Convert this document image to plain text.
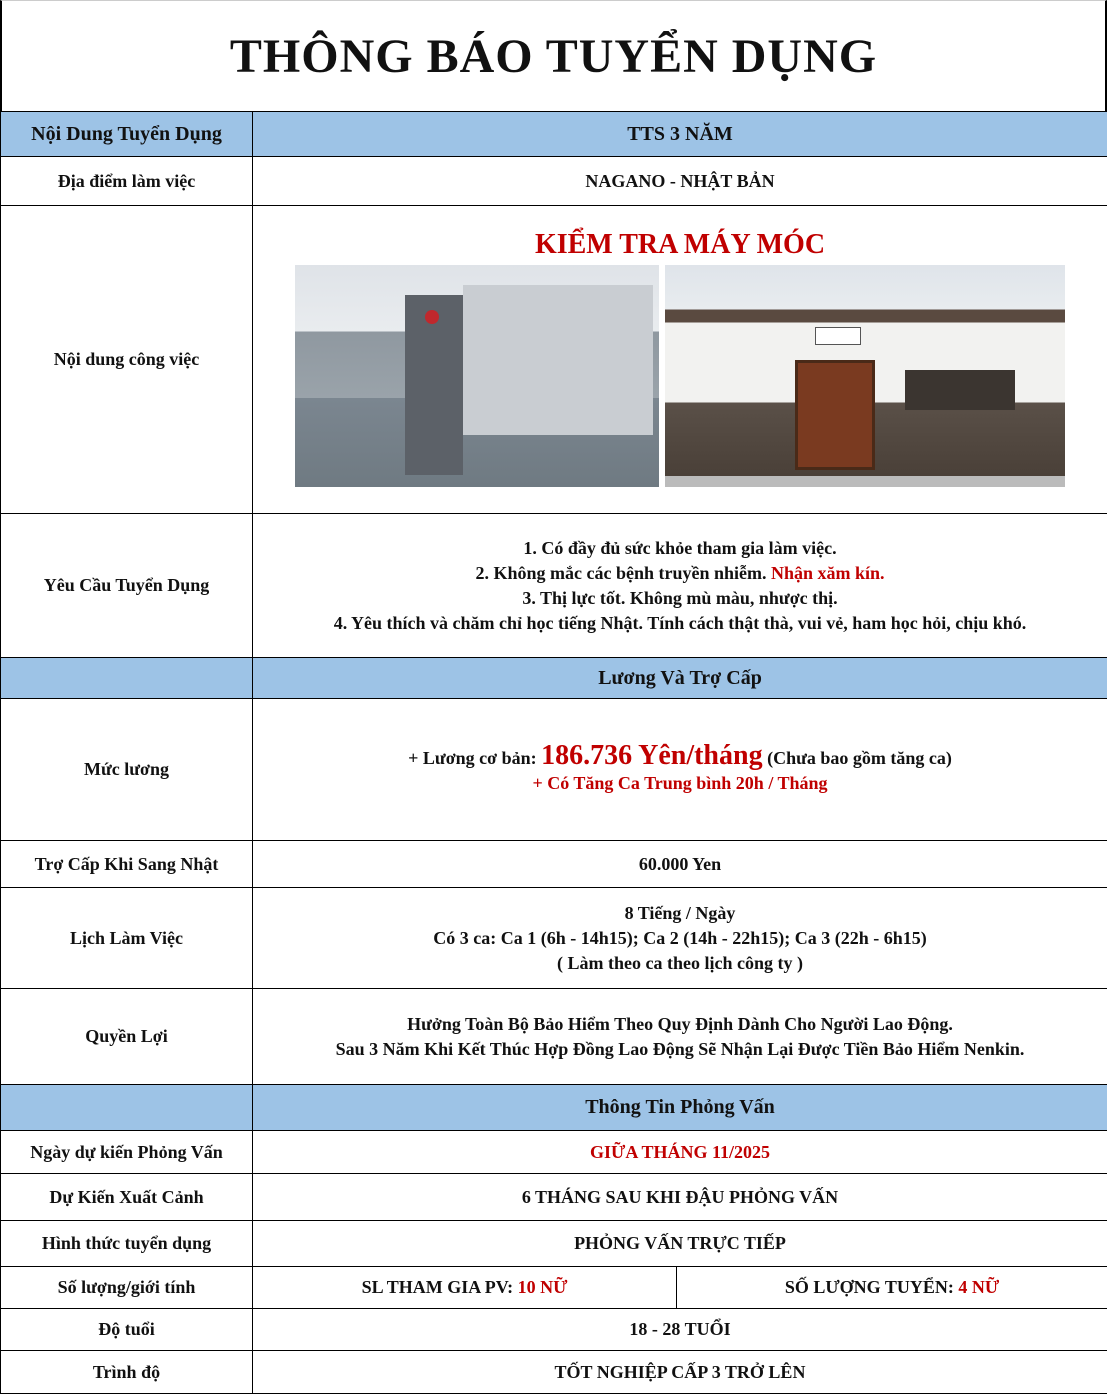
THÔNG BÁO TUYỂN DỤNG
Nội Dung Tuyển Dụng	TTS 3 NĂM	
Địa điểm làm việc	NAGANO - NHẬT BẢN	
Nội dung công việc	KIỂM TRA MÁY MÓC	

Yêu Cầu Tuyển Dụng	1. Có đầy đủ sức khỏe tham gia làm việc.
2. Không mắc các bệnh truyền nhiễm. Nhận xăm kín.
3. Thị lực tốt. Không mù màu, nhược thị.
4. Yêu thích và chăm chỉ học tiếng Nhật. Tính cách thật thà, vui vẻ, ham học hỏi, chịu khó.	

	Lương Và Trợ Cấp	
Mức lương	+ Lương cơ bản: 186.736 Yên/tháng (Chưa bao gồm tăng ca)
+ Có Tăng Ca Trung bình 20h / Tháng	

Trợ Cấp Khi Sang Nhật	60.000 Yen	
Lịch Làm Việc	8 Tiếng / Ngày
Có 3 ca: Ca 1 (6h - 14h15); Ca 2 (14h - 22h15); Ca 3 (22h - 6h15)
( Làm theo ca theo lịch công ty )	

Quyền Lợi	Hưởng Toàn Bộ Bảo Hiểm Theo Quy Định Dành Cho Người Lao Động.
Sau 3 Năm Khi Kết Thúc Hợp Đồng Lao Động Sẽ Nhận Lại Được Tiền Bảo Hiểm Nenkin.	

	Thông Tin Phỏng Vấn	
Ngày dự kiến Phỏng Vấn	GIỮA THÁNG 11/2025	
Dự Kiến Xuất Cảnh	6 THÁNG SAU KHI ĐẬU PHỎNG VẤN	
Hình thức tuyển dụng	PHỎNG VẤN TRỰC TIẾP	
Số lượng/giới tính	SL THAM GIA PV: 10 NỮ	SỐ LƯỢNG TUYỂN: 4 NỮ
Độ tuổi	18 - 28 TUỔI	
Trình độ	TỐT NGHIỆP CẤP 3 TRỞ LÊN	
